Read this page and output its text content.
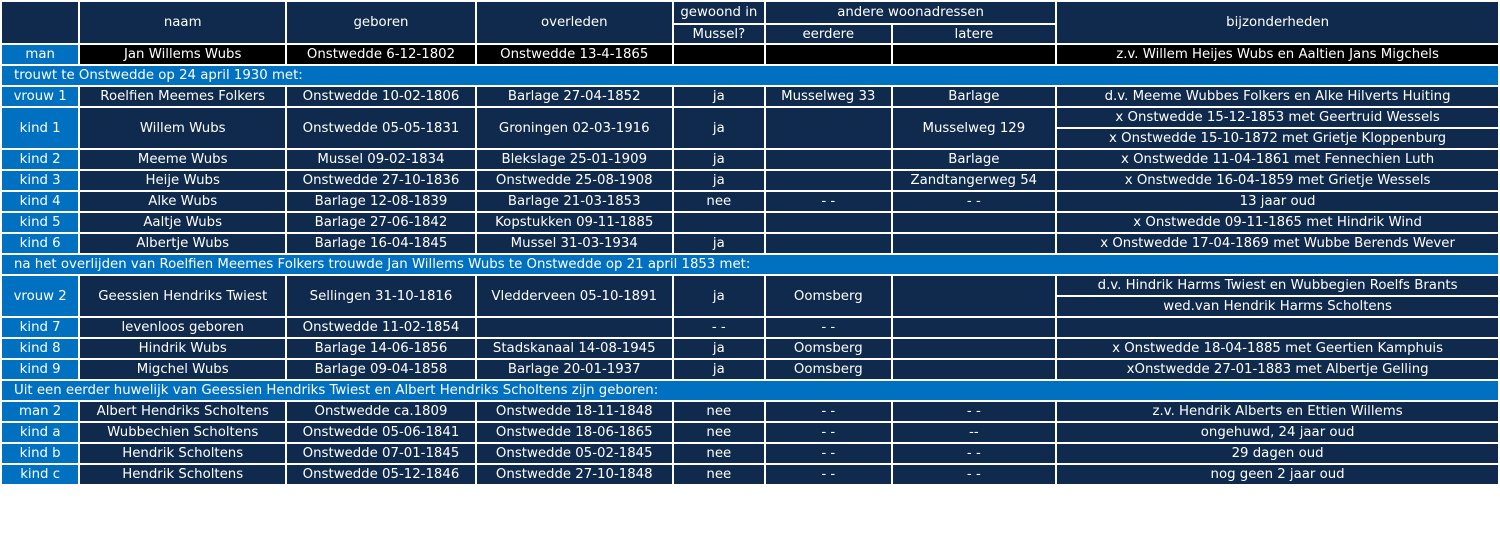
	naam	geboren	overleden	gewoond in	andere woonadressen		bijzonderheden
				Mussel?	eerdere	latere	
man	Jan Willems Wubs	Onstwedde 6-12-1802	Onstwedde 13-4-1865				z.v. Willem Heijes Wubs en Aaltien Jans Migchels
trouwt te Onstwedde op 24 april 1930 met:							
vrouw 1	Roelfien Meemes Folkers	Onstwedde 10-02-1806	Barlage 27-04-1852	ja	Musselweg 33	Barlage	d.v. Meeme Wubbes Folkers en Alke Hilverts Huiting
kind 1	Willem Wubs	Onstwedde 05-05-1831	Groningen 02-03-1916	ja		Musselweg 129	x Onstwedde 15-12-1853 met Geertruid Wessels
							x Onstwedde 15-10-1872 met Grietje Kloppenburg
kind 2	Meeme Wubs	Mussel 09-02-1834	Blekslage 25-01-1909	ja		Barlage	x Onstwedde 11-04-1861 met Fennechien Luth
kind 3	Heije Wubs	Onstwedde 27-10-1836	Onstwedde 25-08-1908	ja		Zandtangerweg 54	x Onstwedde 16-04-1859 met Grietje Wessels
kind 4	Alke Wubs	Barlage 12-08-1839	Barlage 21-03-1853	nee	- -	- -	13 jaar oud
kind 5	Aaltje Wubs	Barlage 27-06-1842	Kopstukken 09-11-1885				x Onstwedde 09-11-1865 met Hindrik Wind
kind 6	Albertje Wubs	Barlage 16-04-1845	Mussel 31-03-1934	ja			x Onstwedde 17-04-1869 met Wubbe Berends Wever
na het overlijden van Roelfien Meemes Folkers trouwde Jan Willems Wubs te Onstwedde op 21 april 1853 met:							
vrouw 2	Geessien Hendriks Twiest	Sellingen 31-10-1816	Vledderveen 05-10-1891	ja	Oomsberg		d.v. Hindrik Harms Twiest en Wubbegien Roelfs Brants
							wed.van Hendrik Harms Scholtens
kind 7	levenloos geboren	Onstwedde 11-02-1854		- -	- -		
kind 8	Hindrik Wubs	Barlage 14-06-1856	Stadskanaal 14-08-1945	ja	Oomsberg		x Onstwedde 18-04-1885 met Geertien Kamphuis
kind 9	Migchel Wubs	Barlage 09-04-1858	Barlage 20-01-1937	ja	Oomsberg		xOnstwedde 27-01-1883 met Albertje Gelling
Uit een eerder huwelijk van Geessien Hendriks Twiest en Albert Hendriks Scholtens zijn geboren:							
man 2	Albert Hendriks Scholtens	Onstwedde ca.1809	Onstwedde 18-11-1848	nee	- -	- -	z.v. Hendrik Alberts en Ettien Willems
kind a	Wubbechien Scholtens	Onstwedde 05-06-1841	Onstwedde 18-06-1865	nee	- -	--	ongehuwd, 24 jaar oud
kind b	Hendrik Scholtens	Onstwedde 07-01-1845	Onstwedde 05-02-1845	nee	- -	- -	29 dagen oud
kind c	Hendrik Scholtens	Onstwedde 05-12-1846	Onstwedde 27-10-1848	nee	- -	- -	nog geen 2 jaar oud
